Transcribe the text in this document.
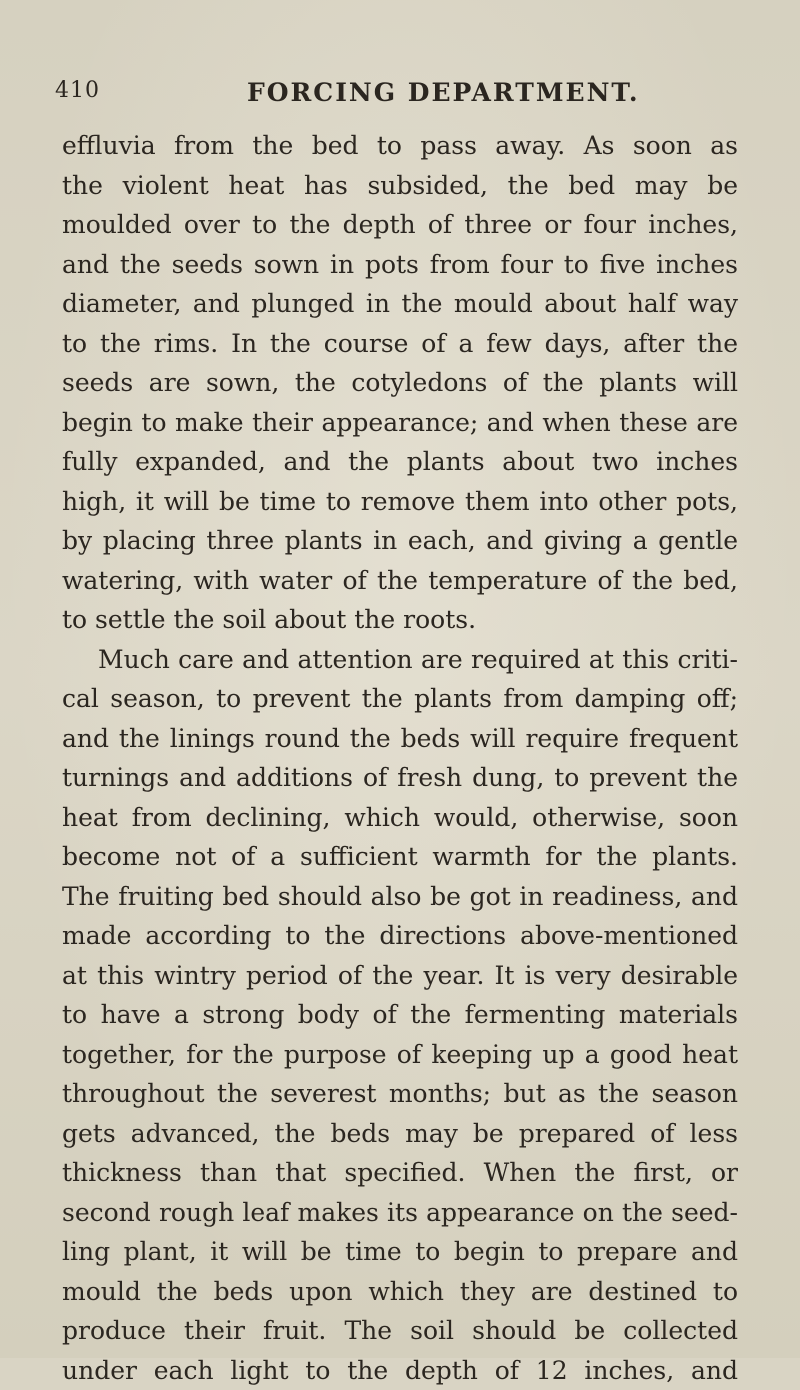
410	FORCING DEPARTMENT.
effluvia from the bed to pass away. As soon as
the violent heat has subsided, the bed may be
moulded over to the depth of three or four inches,
and the seeds sown in pots from four to five inches
diameter, and plunged in the mould about half way
to the rims. In the course of a few days, after the
seeds are sown, the cotyledons of the plants will
begin to make their appearance; and when these are
fully expanded, and the plants about two inches
high, it will be time to remove them into other pots,
by placing three plants in each, and giving a gentle
watering, with water of the temperature of the bed,
to settle the soil about the roots.
Much care and attention are required at this criti-
cal season, to prevent the plants from damping off;
and the linings round the beds will require frequent
turnings and additions of fresh dung, to prevent the
heat from declining, which would, otherwise, soon
become not of a sufficient warmth for the plants.
The fruiting bed should also be got in readiness, and
made according to the directions above-mentioned
at this wintry period of the year. It is very desirable
to have a strong body of the fermenting materials
together, for the purpose of keeping up a good heat
throughout the severest months; but as the season
gets advanced, the beds may be prepared of less
thickness than that specified. When the first, or
second rough leaf makes its appearance on the seed-
ling plant, it will be time to begin to prepare and
mould the beds upon which they are destined to
produce their fruit. The soil should be collected
under each light to the depth of 12 inches, and
